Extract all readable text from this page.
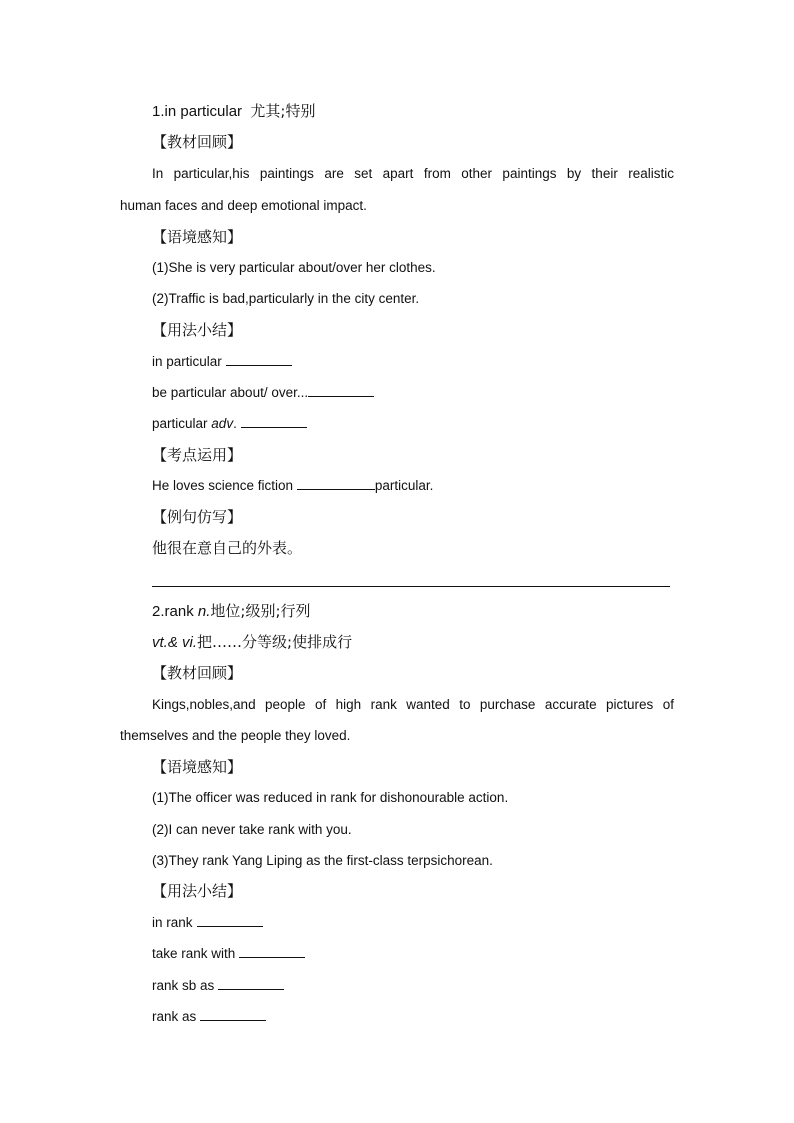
1.in particular 尤其;特别
【教材回顾】
In particular,his paintings are set apart from other paintings by their realistic
human faces and deep emotional impact.
【语境感知】
(1)She is very particular about/over her clothes.
(2)Traffic is bad,particularly in the city center.
【用法小结】
in particular
be particular about/ over...
particular adv.
【考点运用】
He loves science fiction	particular.
【例句仿写】
他很在意自己的外表。
2.rank n.地位;级别;行列
vt.& vi.把……分等级;使排成行
【教材回顾】
Kings,nobles,and people of high rank wanted to purchase accurate pictures of
themselves and the people they loved.
【语境感知】
(1)The officer was reduced in rank for dishonourable action.
(2)I can never take rank with you.
(3)They rank Yang Liping as the first-class terpsichorean.
【用法小结】
in rank
take rank with
rank sb as
rank as
